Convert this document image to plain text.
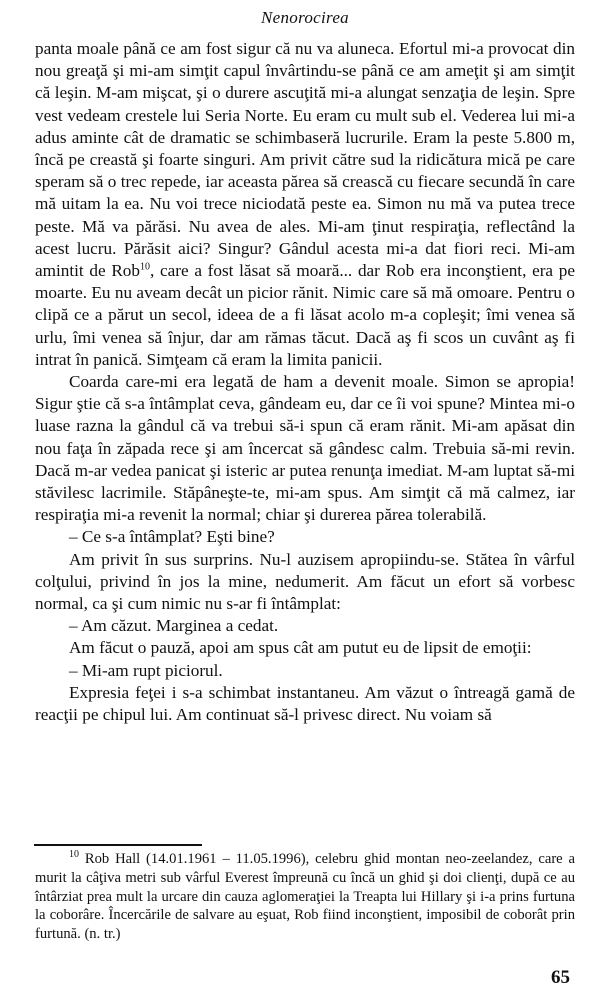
Nenorocirea

panta moale până ce am fost sigur că nu va aluneca. Efortul mi-a provocat din nou greaţă şi mi-am simţit capul învârtindu-se până ce am ameţit şi am simţit că leşin. M-am mişcat, şi o durere ascuţită mi-a alungat senzaţia de leşin. Spre vest vedeam crestele lui Seria Norte. Eu eram cu mult sub el. Vederea lui mi-a adus aminte cât de dramatic se schimbaseră lucrurile. Eram la peste 5.800 m, încă pe creastă şi foarte singuri. Am privit către sud la ridicătura mică pe care speram să o trec repede, iar aceasta părea să crească cu fiecare secundă în care mă uitam la ea. Nu voi trece niciodată peste ea. Simon nu mă va putea trece peste. Mă va părăsi. Nu avea de ales. Mi-am ţinut respiraţia, reflectând la acest lucru. Părăsit aici? Singur? Gândul acesta mi-a dat fiori reci. Mi-am amintit de Rob$^{10}$, care a fost lăsat să moară... dar Rob era inconştient, era pe moarte. Eu nu aveam decât un picior rănit. Nimic care să mă omoare. Pentru o clipă ce a părut un secol, ideea de a fi lăsat acolo m-a copleşit; îmi venea să urlu, îmi venea să înjur, dar am rămas tăcut. Dacă aş fi scos un cuvânt aş fi intrat în panică. Simţeam că eram la limita panicii.

Coarda care-mi era legată de ham a devenit moale. Simon se apropia! Sigur ştie că s-a întâmplat ceva, gândeam eu, dar ce îi voi spune? Mintea mi-o luase razna la gândul că va trebui să-i spun că eram rănit. Mi-am apăsat din nou faţa în zăpada rece şi am încercat să gândesc calm. Trebuia să-mi revin. Dacă m-ar vedea panicat şi isteric ar putea renunţa imediat. M-am luptat să-mi stăvilesc lacrimile. Stăpâneşte-te, mi-am spus. Am simţit că mă calmez, iar respiraţia mi-a revenit la normal; chiar şi durerea părea tolerabilă.

– Ce s-a întâmplat? Eşti bine?

Am privit în sus surprins. Nu-l auzisem apropiindu-se. Stătea în vârful colţului, privind în jos la mine, nedumerit. Am făcut un efort să vorbesc normal, ca şi cum nimic nu s-ar fi întâmplat:

– Am căzut. Marginea a cedat.

Am făcut o pauză, apoi am spus cât am putut eu de lipsit de emoţii:

– Mi-am rupt piciorul.

Expresia feţei i s-a schimbat instantaneu. Am văzut o întreagă gamă de reacţii pe chipul lui. Am continuat să-l privesc direct. Nu voiam să

$^{10}$ Rob Hall (14.01.1961 – 11.05.1996), celebru ghid montan neo-zeelandez, care a murit la câţiva metri sub vârful Everest împreună cu încă un ghid şi doi clienţi, după ce au întârziat prea mult la urcare din cauza aglomeraţiei la Treapta lui Hillary şi i-a prins furtuna la coborâre. Încercările de salvare au eşuat, Rob fiind inconştient, imposibil de coborât prin furtună. (n. tr.)

65
